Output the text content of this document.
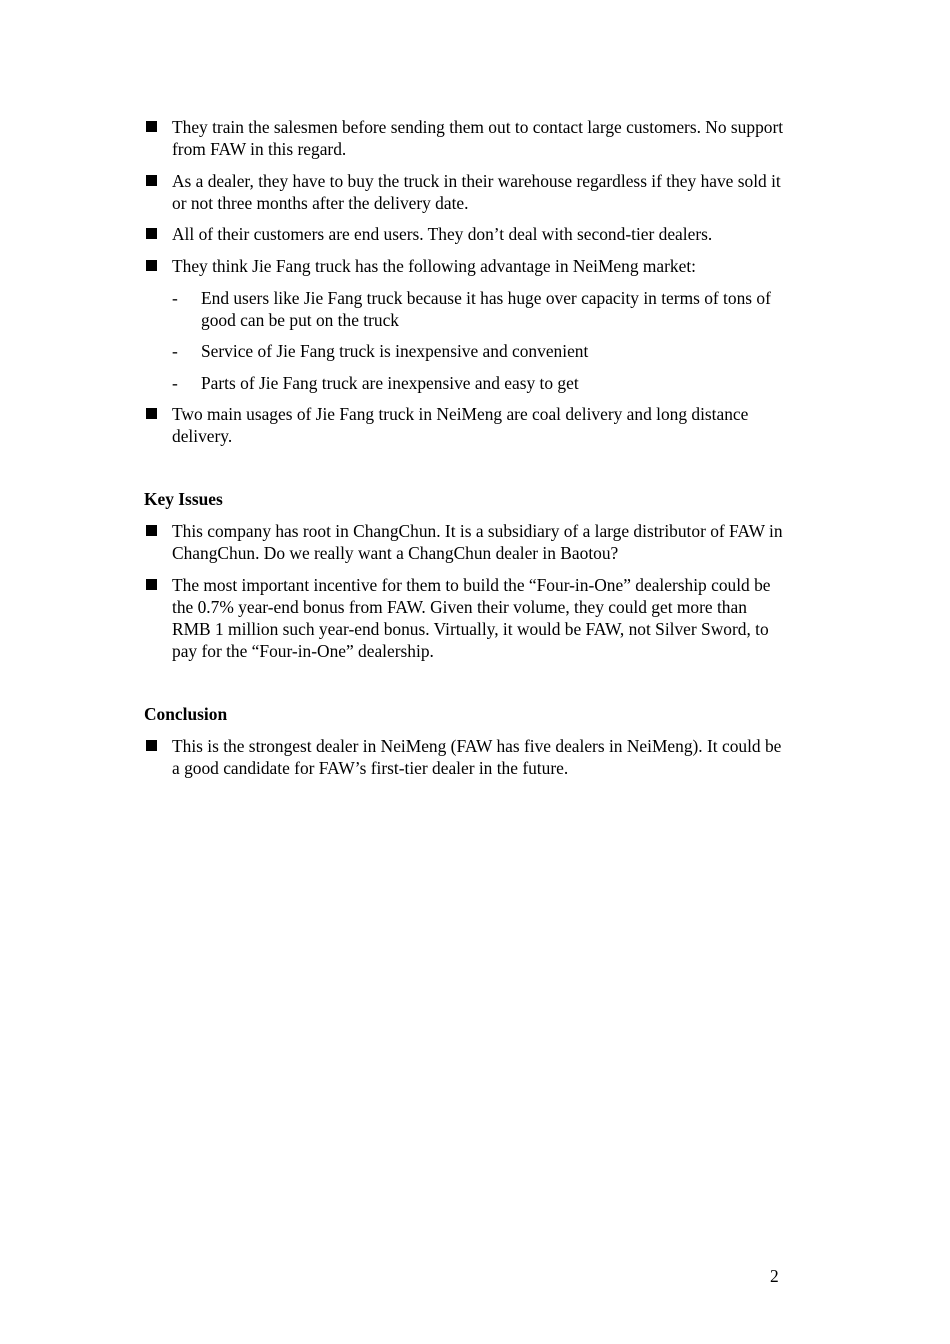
They train the salesmen before sending them out to contact large customers. No support from FAW in this regard.
As a dealer, they have to buy the truck in their warehouse regardless if they have sold it or not three months after the delivery date.
All of their customers are end users. They don’t deal with second-tier dealers.
They think Jie Fang truck has the following advantage in NeiMeng market:
-	End users like Jie Fang truck because it has huge over capacity in terms of tons of good can be put on the truck
-	Service of Jie Fang truck is inexpensive and convenient
-	Parts of Jie Fang truck are inexpensive and easy to get
Two main usages of Jie Fang truck in NeiMeng are coal delivery and long distance delivery.
Key Issues
This company has root in ChangChun. It is a subsidiary of a large distributor of FAW in ChangChun. Do we really want a ChangChun dealer in Baotou?
The most important incentive for them to build the “Four-in-One” dealership could be the 0.7% year-end bonus from FAW. Given their volume, they could get more than RMB 1 million such year-end bonus. Virtually, it would be FAW, not Silver Sword, to pay for the “Four-in-One” dealership.
Conclusion
This is the strongest dealer in NeiMeng (FAW has five dealers in NeiMeng). It could be a good candidate for FAW’s first-tier dealer in the future.
2
